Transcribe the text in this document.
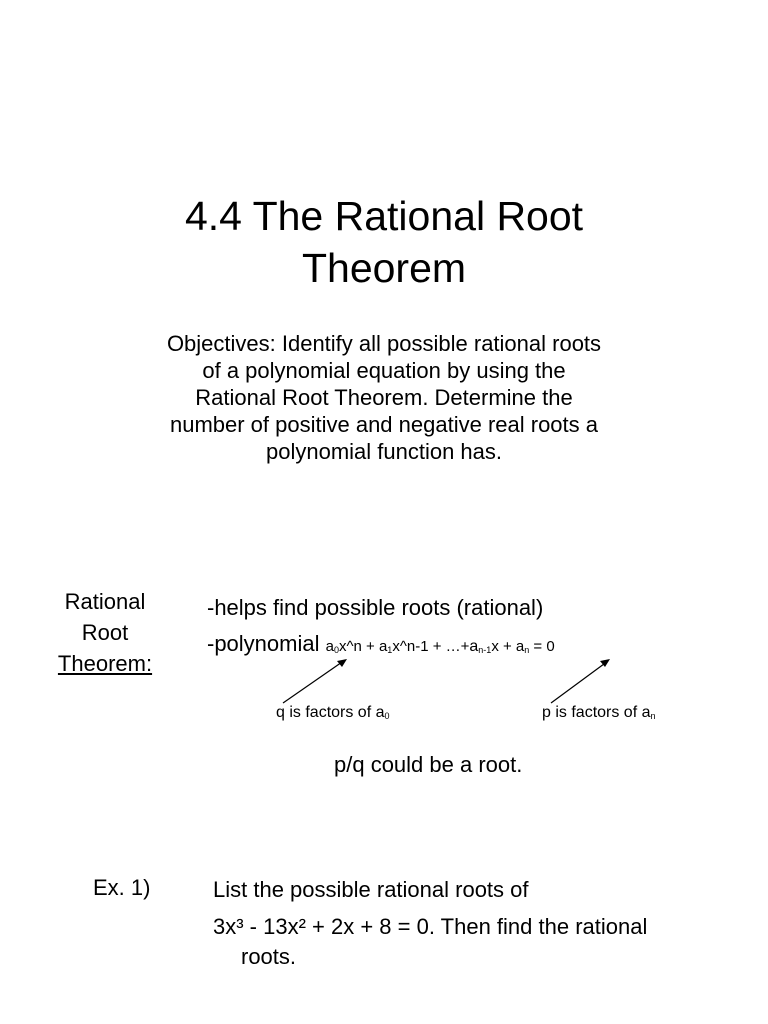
4.4 The Rational Root
Theorem
Objectives: Identify all possible rational roots
of a polynomial equation by using the
Rational Root Theorem. Determine the
number of positive and negative real roots a
polynomial function has.
Rational
Root
Theorem:
-helps find possible roots (rational)
-polynomial $a_0x\^{}n$ + $a_1x\^{}n-1$ + $\dots+a_{n-1}x + a_n = 0$
q is factors of $a_0$	p is factors of $a_n$
p/q could be a root.
Ex. 1)	List the possible rational roots of
3x³ - 13x² + 2x + 8 = 0. Then find the rational
roots.
